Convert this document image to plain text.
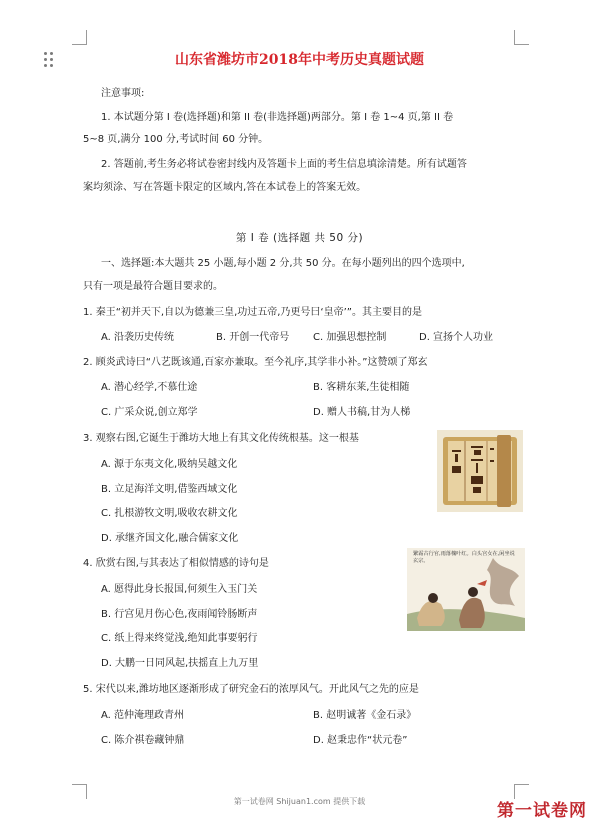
山东省潍坊市2018年中考历史真题试题
注意事项:
1. 本试题分第 I 卷(选择题)和第 II 卷(非选择题)两部分。第 I 卷 1~4 页,第 II 卷
5~8 页,满分 100 分,考试时间 60 分钟。
2. 答题前,考生务必将试卷密封线内及答题卡上面的考生信息填涂清楚。所有试题答
案均须涂、写在答题卡限定的区域内,答在本试卷上的答案无效。
第 I 卷 (选择题 共 50 分)
一、选择题:本大题共 25 小题,每小题 2 分,共 50 分。在每小题列出的四个选项中,
只有一项是最符合题目要求的。
1. 秦王“初并天下,自以为德兼三皇,功过五帝,乃更号曰‘皇帝’”。其主要目的是
A. 沿袭历史传统	B. 开创一代帝号 C. 加强思想控制	D. 宣扬个人功业
2. 顾炎武诗曰“八艺既该通,百家亦兼取。至今礼序,其学非小补。”这赞颂了郑玄
A. 潜心经学,不慕仕途	B. 客耕东莱,生徒相随
C. 广采众说,创立郑学	D. 赠人书稿,甘为人梯
3. 观察右图,它诞生于潍坊大地上有其文化传统根基。这一根基
A. 源于东夷文化,吸纳吴越文化
B. 立足海洋文明,借鉴西域文化
C. 扎根游牧文明,吸收农耕文化
D. 承继齐国文化,融合儒家文化
4. 欣赏右图,与其表达了相似情感的诗句是
A. 愿得此身长报国,何须生入玉门关
B. 行宫见月伤心色,夜雨闻铃肠断声
C. 纸上得来终觉浅,绝知此事要躬行
D. 大鹏一日同风起,扶摇直上九万里
繁霜古行官,雨落槐叶红。白头宫女在,闲坐说玄宗。
5. 宋代以来,潍坊地区逐渐形成了研究金石的浓厚风气。开此风气之先的应是
A. 范仲淹理政青州	B. 赵明诚著《金石录》
C. 陈介祺卷藏钟鼎	D. 赵秉忠作“状元卷”
第一试卷网 Shijuan1.com 提供下载	第一试卷网
